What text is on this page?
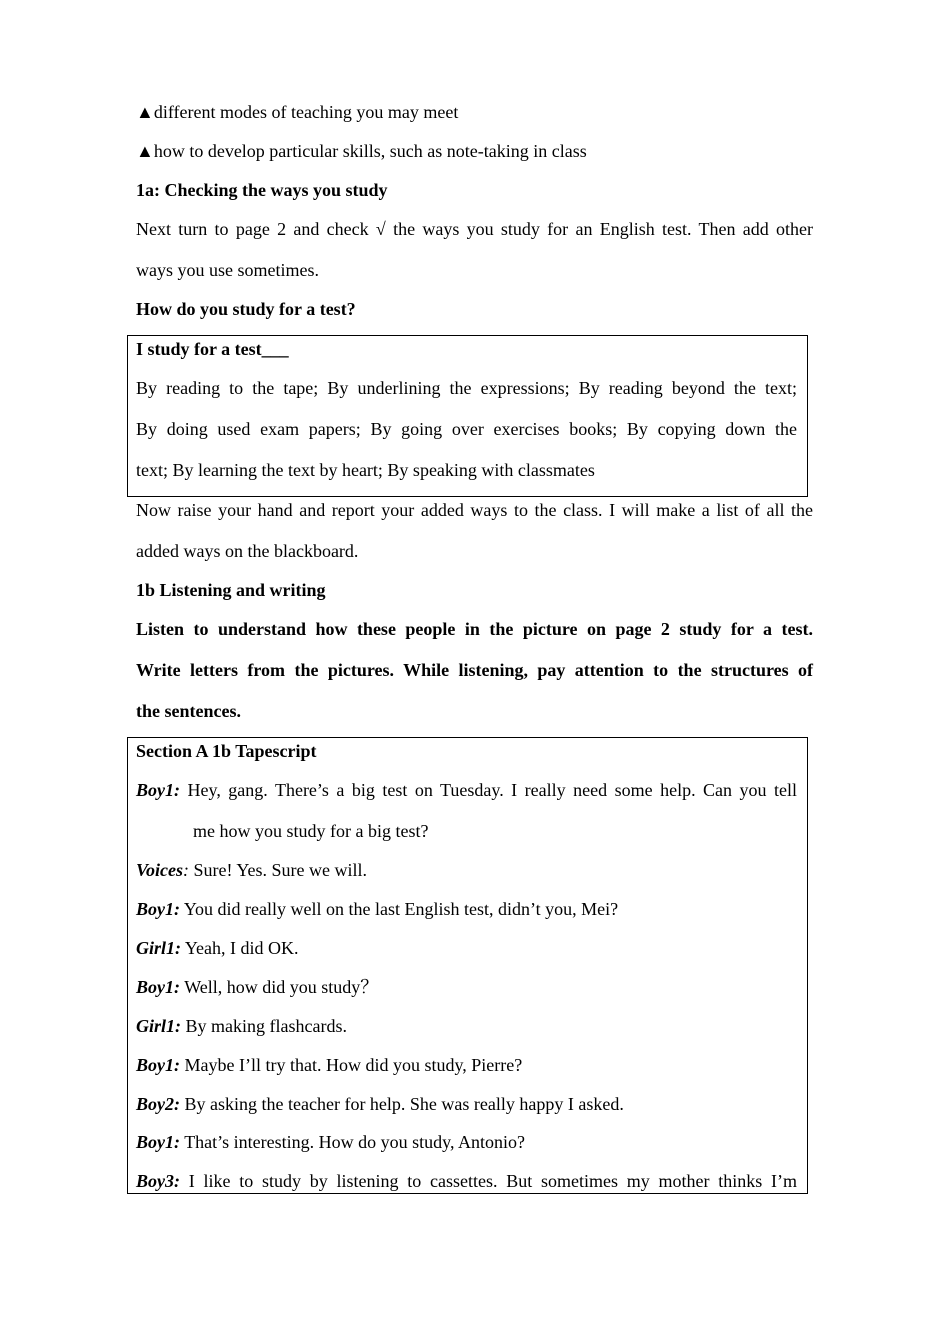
▲different modes of teaching you may meet
▲how to develop particular skills, such as note-taking in class
1a: Checking the ways you study
Next turn to page 2 and check √ the ways you study for an English test. Then add other
ways you use sometimes.
How do you study for a test?
I study for a test___
By reading to the tape; By underlining the expressions; By reading beyond the text;
By doing used exam papers; By going over exercises books; By copying down the
text; By learning the text by heart; By speaking with classmates
Now raise your hand and report your added ways to the class. I will make a list of all the
added ways on the blackboard.
1b Listening and writing
Listen to understand how these people in the picture on page 2 study for a test.
Write letters from the pictures. While listening, pay attention to the structures of
the sentences.
Section A 1b Tapescript
Boy1: Hey, gang. There’s a big test on Tuesday. I really need some help. Can you tell
me how you study for a big test?
Voices: Sure! Yes. Sure we will.
Boy1: You did really well on the last English test, didn’t you, Mei?
Girl1: Yeah, I did OK.
Boy1: Well, how did you study？
Girl1: By making flashcards.
Boy1: Maybe I’ll try that. How did you study, Pierre?
Boy2: By asking the teacher for help. She was really happy I asked.
Boy1: That’s interesting. How do you study, Antonio?
Boy3: I like to study by listening to cassettes. But sometimes my mother thinks I’m
